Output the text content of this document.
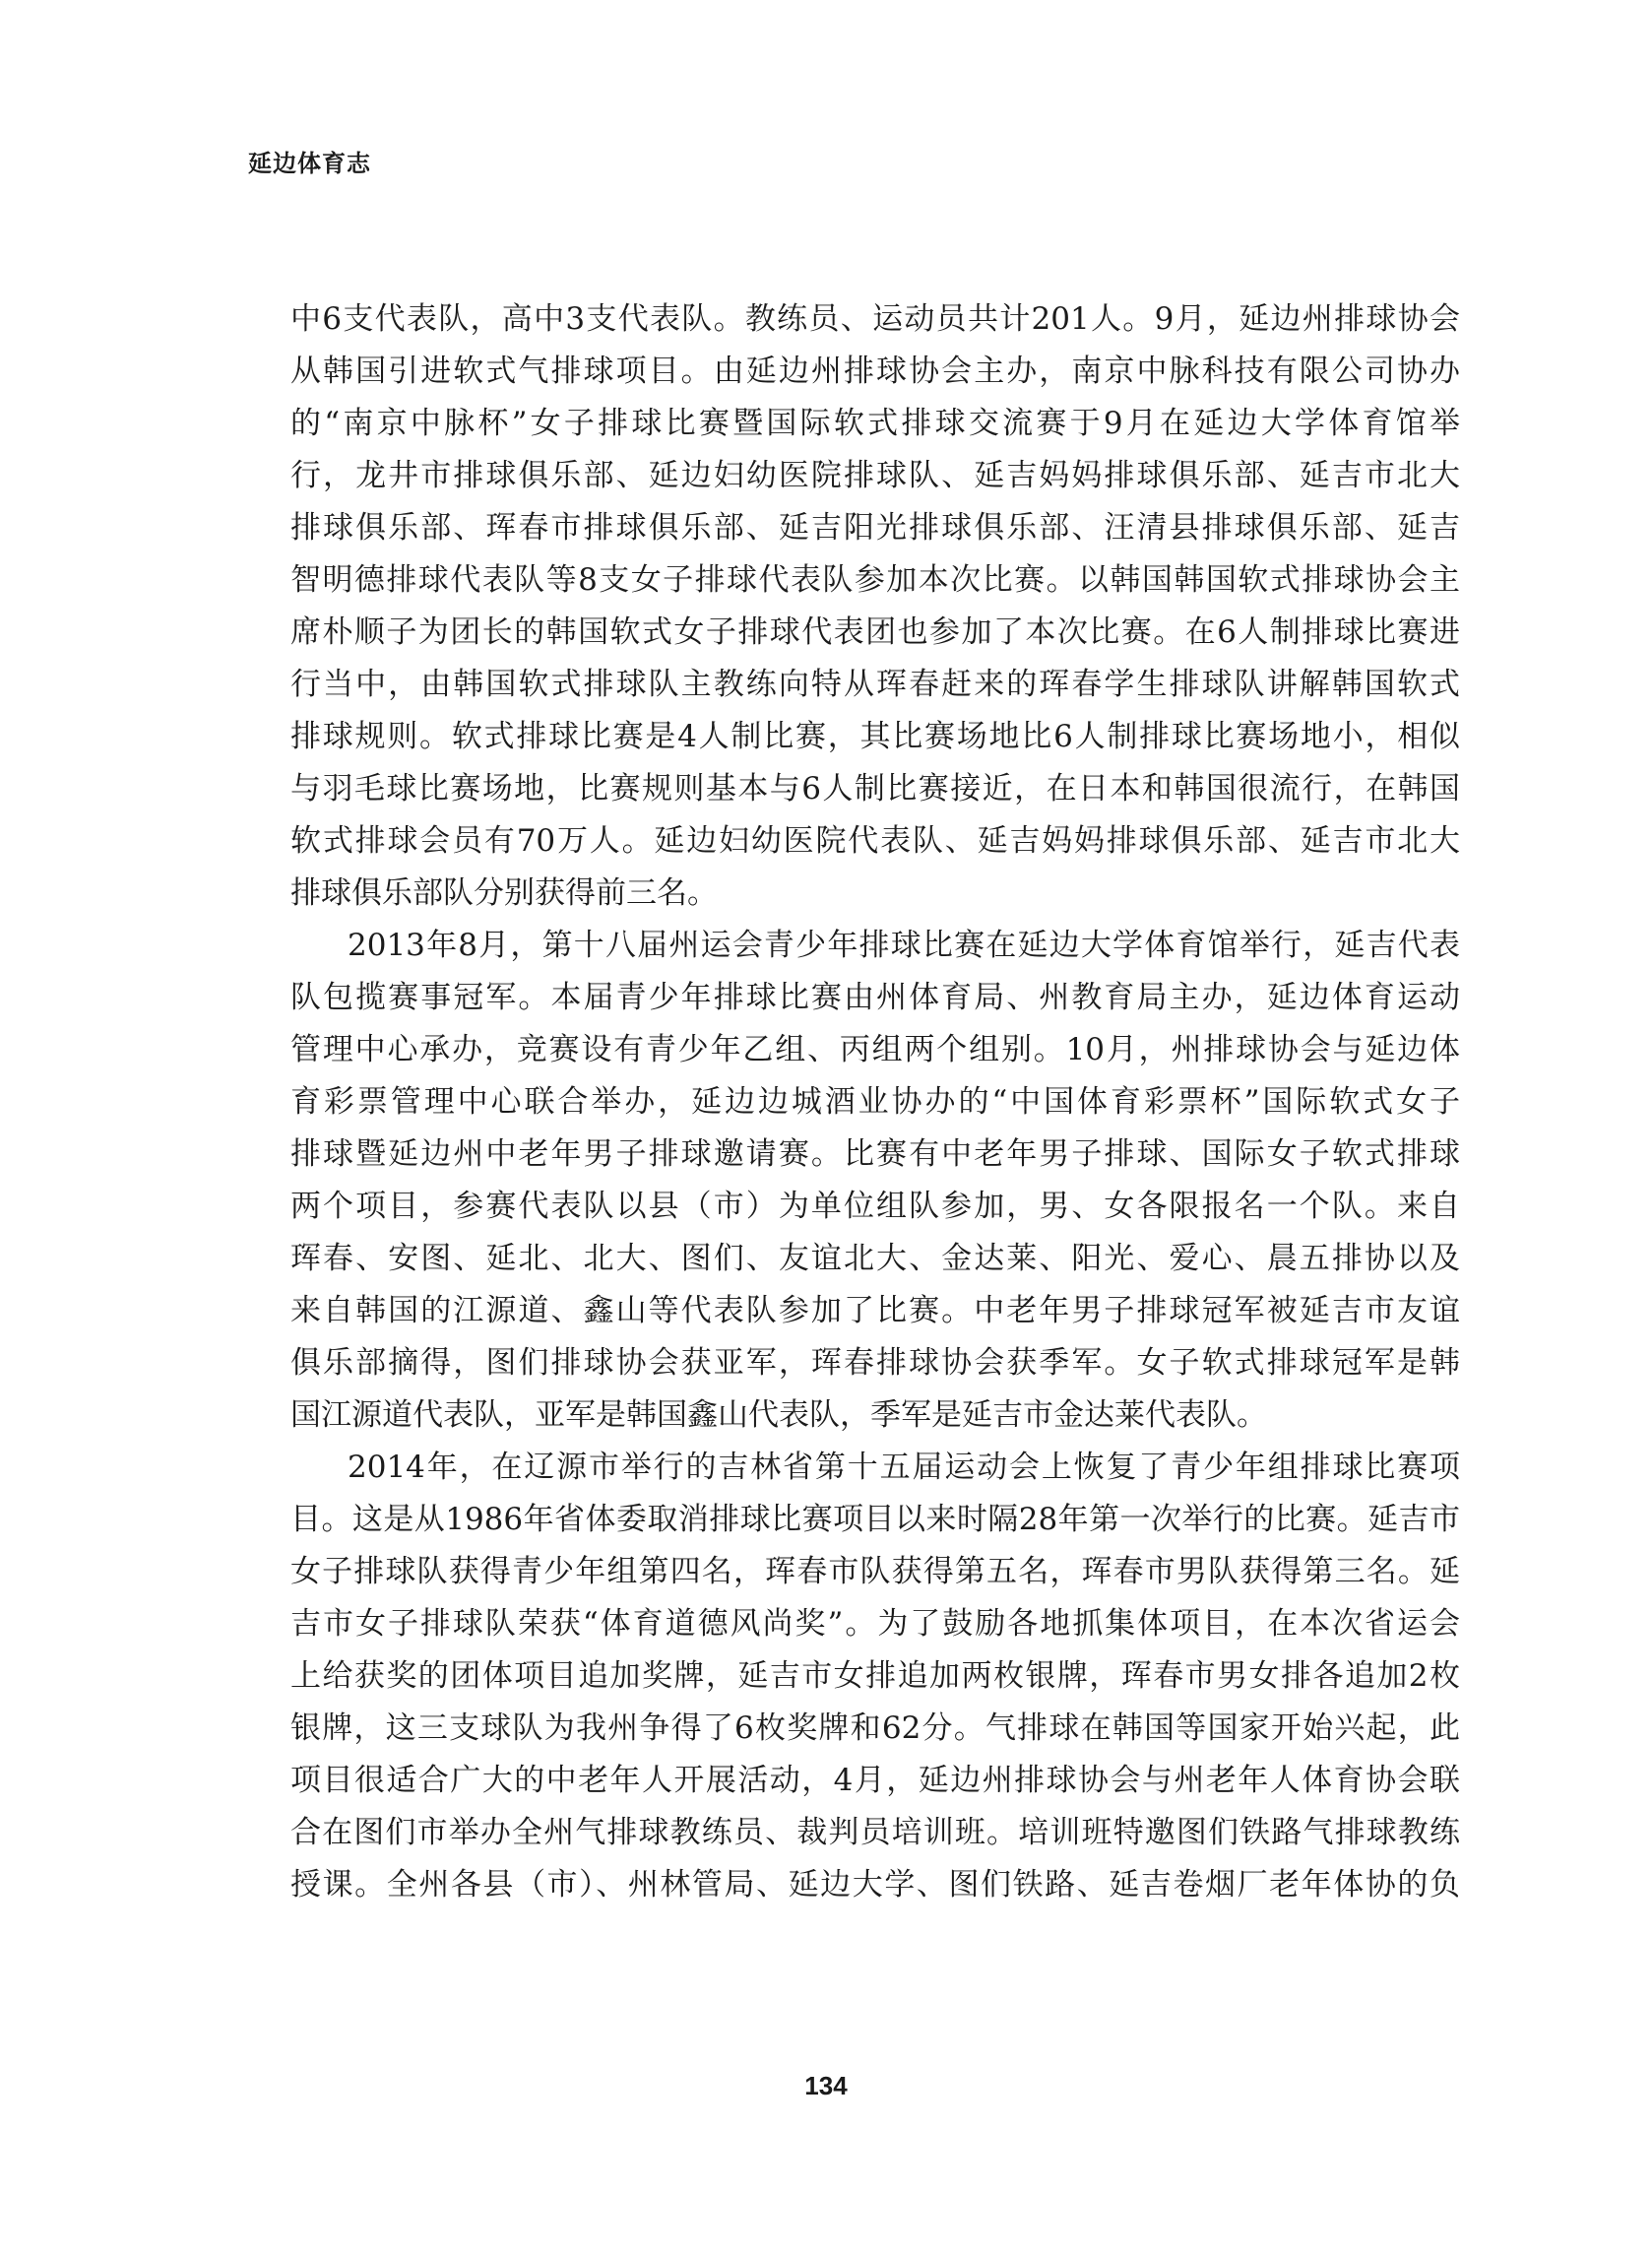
延边体育志
中6支代表队，高中3支代表队。教练员、运动员共计201人。9月，延边州排球协会
从韩国引进软式气排球项目。由延边州排球协会主办，南京中脉科技有限公司协办
的“南京中脉杯”女子排球比赛暨国际软式排球交流赛于9月在延边大学体育馆举
行，龙井市排球俱乐部、延边妇幼医院排球队、延吉妈妈排球俱乐部、延吉市北大
排球俱乐部、珲春市排球俱乐部、延吉阳光排球俱乐部、汪清县排球俱乐部、延吉
智明德排球代表队等8支女子排球代表队参加本次比赛。以韩国韩国软式排球协会主
席朴顺子为团长的韩国软式女子排球代表团也参加了本次比赛。在6人制排球比赛进
行当中，由韩国软式排球队主教练向特从珲春赶来的珲春学生排球队讲解韩国软式
排球规则。软式排球比赛是4人制比赛，其比赛场地比6人制排球比赛场地小，相似
与羽毛球比赛场地，比赛规则基本与6人制比赛接近，在日本和韩国很流行，在韩国
软式排球会员有70万人。延边妇幼医院代表队、延吉妈妈排球俱乐部、延吉市北大
排球俱乐部队分别获得前三名。
2013年8月，第十八届州运会青少年排球比赛在延边大学体育馆举行，延吉代表
队包揽赛事冠军。本届青少年排球比赛由州体育局、州教育局主办，延边体育运动
管理中心承办，竞赛设有青少年乙组、丙组两个组别。10月，州排球协会与延边体
育彩票管理中心联合举办，延边边城酒业协办的“中国体育彩票杯”国际软式女子
排球暨延边州中老年男子排球邀请赛。比赛有中老年男子排球、国际女子软式排球
两个项目，参赛代表队以县（市）为单位组队参加，男、女各限报名一个队。来自
珲春、安图、延北、北大、图们、友谊北大、金达莱、阳光、爱心、晨五排协以及
来自韩国的江源道、鑫山等代表队参加了比赛。中老年男子排球冠军被延吉市友谊
俱乐部摘得，图们排球协会获亚军，珲春排球协会获季军。女子软式排球冠军是韩
国江源道代表队，亚军是韩国鑫山代表队，季军是延吉市金达莱代表队。
2014年，在辽源市举行的吉林省第十五届运动会上恢复了青少年组排球比赛项
目。这是从1986年省体委取消排球比赛项目以来时隔28年第一次举行的比赛。延吉市
女子排球队获得青少年组第四名，珲春市队获得第五名，珲春市男队获得第三名。延
吉市女子排球队荣获“体育道德风尚奖”。为了鼓励各地抓集体项目，在本次省运会
上给获奖的团体项目追加奖牌，延吉市女排追加两枚银牌，珲春市男女排各追加2枚
银牌，这三支球队为我州争得了6枚奖牌和62分。气排球在韩国等国家开始兴起，此
项目很适合广大的中老年人开展活动，4月，延边州排球协会与州老年人体育协会联
合在图们市举办全州气排球教练员、裁判员培训班。培训班特邀图们铁路气排球教练
授课。全州各县（市）、州林管局、延边大学、图们铁路、延吉卷烟厂老年体协的负
134
